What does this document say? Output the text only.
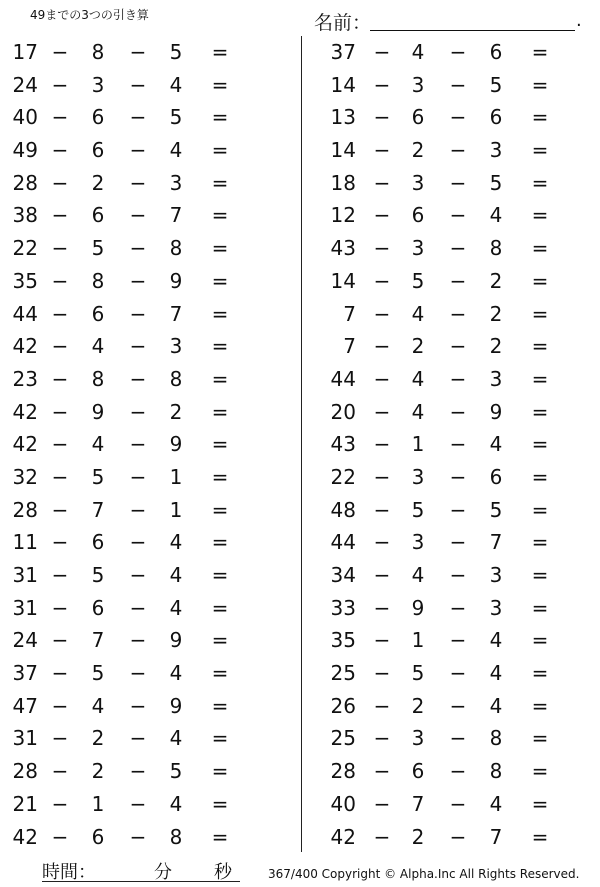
49までの3つの引き算	名前：	.
17 − 8 − 5 =
24 − 3 − 4 =
40 − 6 − 5 =
49 − 6 − 4 =
28 − 2 − 3 =
38 − 6 − 7 =
22 − 5 − 8 =
35 − 8 − 9 =
44 − 6 − 7 =
42 − 4 − 3 =
23 − 8 − 8 =
42 − 9 − 2 =
42 − 4 − 9 =
32 − 5 − 1 =
28 − 7 − 1 =
11 − 6 − 4 =
31 − 5 − 4 =
31 − 6 − 4 =
24 − 7 − 9 =
37 − 5 − 4 =
47 − 4 − 9 =
31 − 2 − 4 =
28 − 2 − 5 =
21 − 1 − 4 =
42 − 6 − 8 =
37 − 4 − 6 =
14 − 3 − 5 =
13 − 6 − 6 =
14 − 2 − 3 =
18 − 3 − 5 =
12 − 6 − 4 =
43 − 3 − 8 =
14 − 5 − 2 =
7 − 4 − 2 =
7 − 2 − 2 =
44 − 4 − 3 =
20 − 4 − 9 =
43 − 1 − 4 =
22 − 3 − 6 =
48 − 5 − 5 =
44 − 3 − 7 =
34 − 4 − 3 =
33 − 9 − 3 =
35 − 1 − 4 =
25 − 5 − 4 =
26 − 2 − 4 =
25 − 3 − 8 =
28 − 6 − 8 =
40 − 7 − 4 =
42 − 2 − 7 =
時間：	分 秒	367/400 Copyright © Alpha.Inc All Rights Reserved.
